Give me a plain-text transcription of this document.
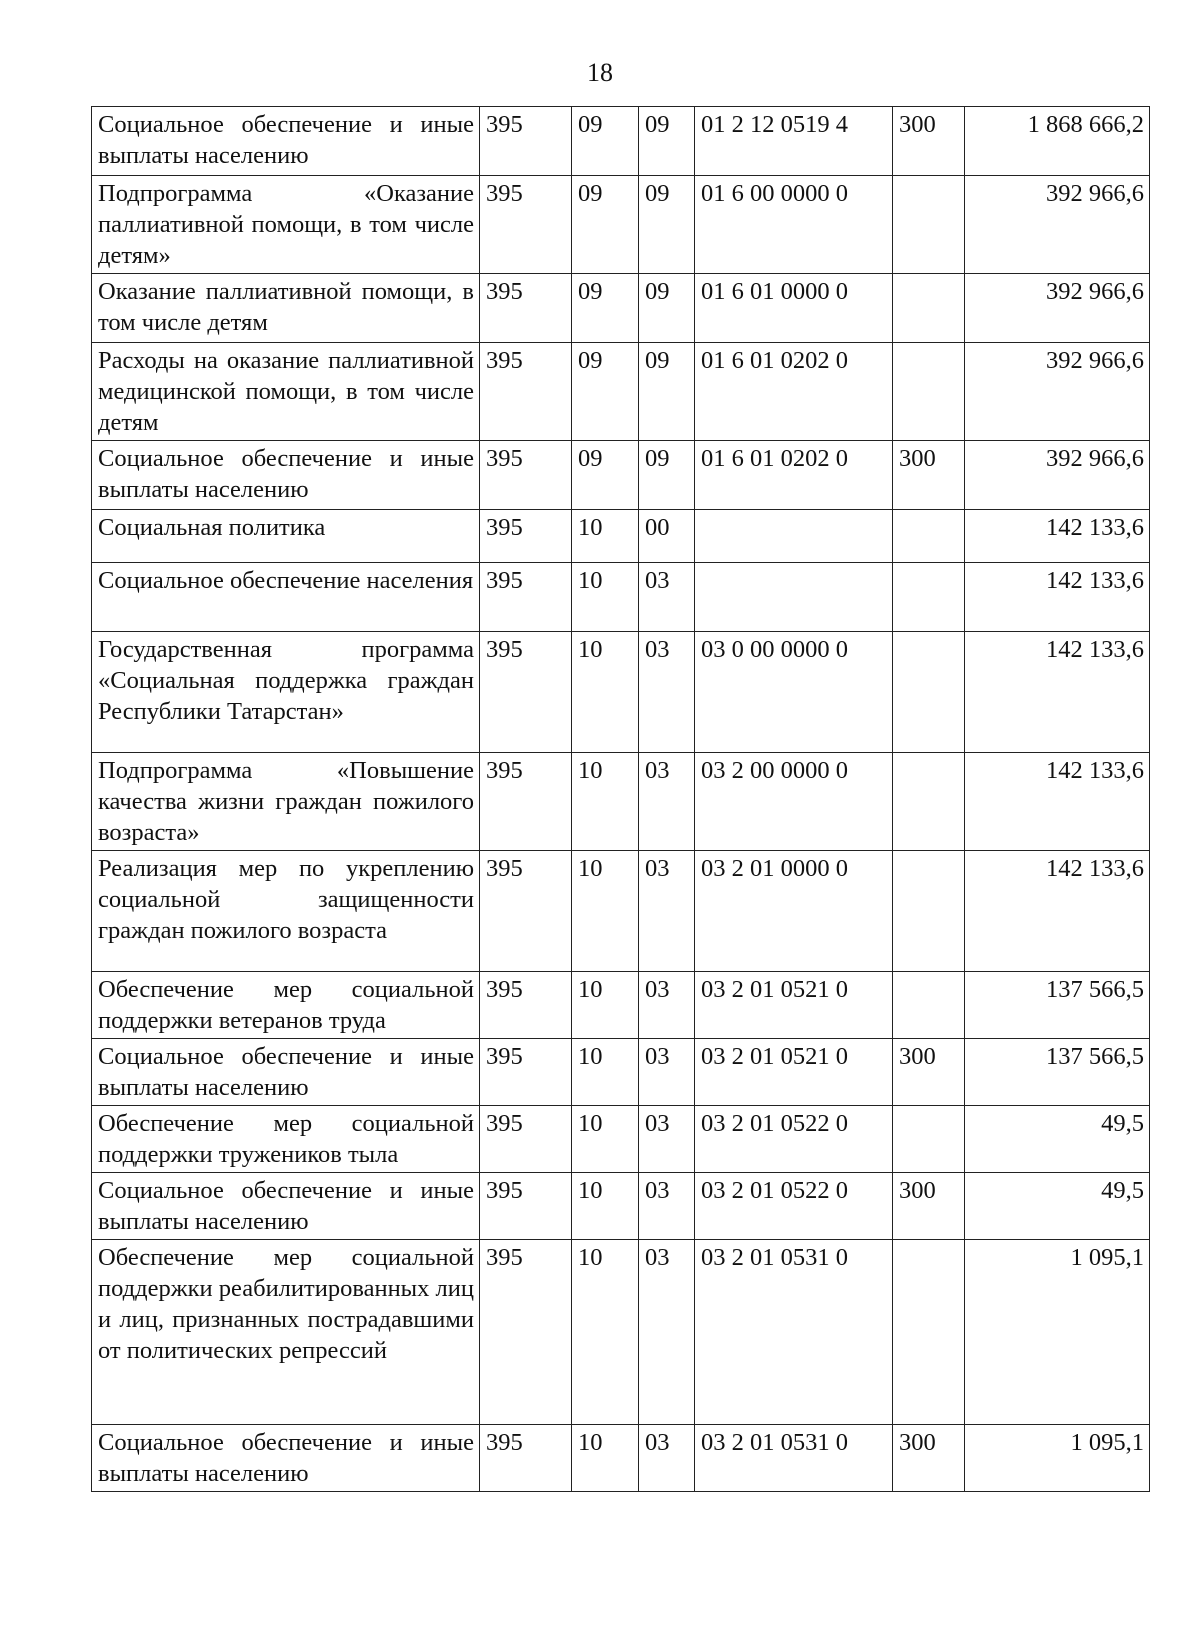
18
Социальное обеспечение и иные выплаты населению	395	09	09	01 2 12 0519 4	300	1 868 666,2
Подпрограмма «Оказание паллиативной помощи, в том числе детям»	395	09	09	01 6 00 0000 0		392 966,6
Оказание паллиативной помощи, в том числе детям	395	09	09	01 6 01 0000 0		392 966,6
Расходы на оказание паллиативной медицинской помощи, в том числе детям	395	09	09	01 6 01 0202 0		392 966,6
Социальное обеспечение и иные выплаты населению	395	09	09	01 6 01 0202 0	300	392 966,6
Социальная политика	395	10	00			142 133,6
Социальное обеспечение населения	395	10	03			142 133,6
Государственная программа «Социальная поддержка граждан Республики Татарстан»	395	10	03	03 0 00 0000 0		142 133,6
Подпрограмма «Повышение качества жизни граждан пожилого возраста»	395	10	03	03 2 00 0000 0		142 133,6
Реализация мер по укреплению социальной защищенности граждан пожилого возраста	395	10	03	03 2 01 0000 0		142 133,6
Обеспечение мер социальной поддержки ветеранов труда	395	10	03	03 2 01 0521 0		137 566,5
Социальное обеспечение и иные выплаты населению	395	10	03	03 2 01 0521 0	300	137 566,5
Обеспечение мер социальной поддержки тружеников тыла	395	10	03	03 2 01 0522 0		49,5
Социальное обеспечение и иные выплаты населению	395	10	03	03 2 01 0522 0	300	49,5
Обеспечение мер социальной поддержки реабилитированных лиц и лиц, признанных пострадавшими от политических репрессий	395	10	03	03 2 01 0531 0		1 095,1
Социальное обеспечение и иные выплаты населению	395	10	03	03 2 01 0531 0	300	1 095,1
